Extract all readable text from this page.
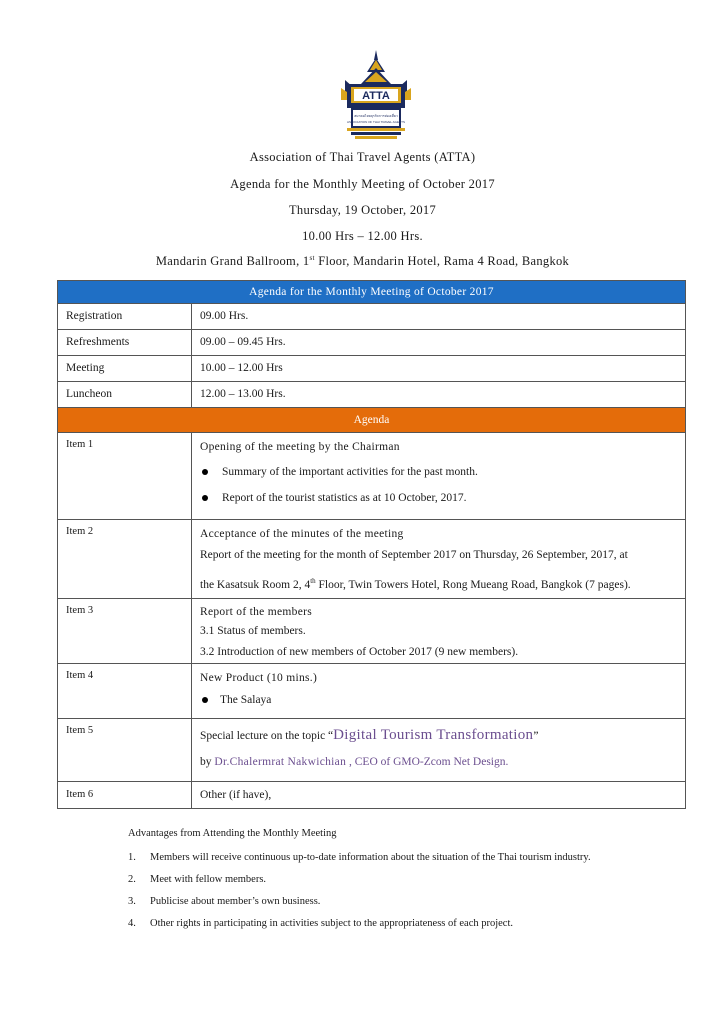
ATTA
สมาคมไทยธุรกิจการท่องเที่ยว
ASSOCIATION OF THAI TRAVEL AGENTS
Association of Thai Travel Agents (ATTA)
Agenda for the Monthly Meeting of October 2017
Thursday, 19 October, 2017
10.00 Hrs – 12.00 Hrs.
Mandarin Grand Ballroom, 1st Floor, Mandarin Hotel, Rama 4 Road, Bangkok
Agenda for the Monthly Meeting of October 2017	
Registration	09.00 Hrs.
Refreshments	09.00 – 09.45 Hrs.
Meeting	10.00 – 12.00 Hrs
Luncheon	12.00 – 13.00 Hrs.
Agenda	
Item 1	Opening of the meeting by the Chairman
Summary of the important activities for the past month.
Report of the tourist statistics as at 10 October, 2017.

Item 2	Acceptance of the minutes of the meeting
Report of the meeting for the month of September 2017 on Thursday, 26 September, 2017, at
the Kasatsuk Room 2, 4th Floor, Twin Towers Hotel, Rong Mueang Road, Bangkok (7 pages).

Item 3	Report of the members
3.1 Status of members.
3.2 Introduction of new members of October 2017 (9 new members).

Item 4	New Product (10 mins.)
The Salaya

Item 5	Special lecture on the topic “Digital Tourism Transformation”
by Dr.Chalermrat Nakwichian , CEO of GMO-Zcom Net Design.

Item 6	Other (if have),
Advantages from Attending the Monthly Meeting
1. Members will receive continuous up-to-date information about the situation of the Thai tourism industry.
2. Meet with fellow members.
3. Publicise about member’s own business.
4. Other rights in participating in activities subject to the appropriateness of each project.
